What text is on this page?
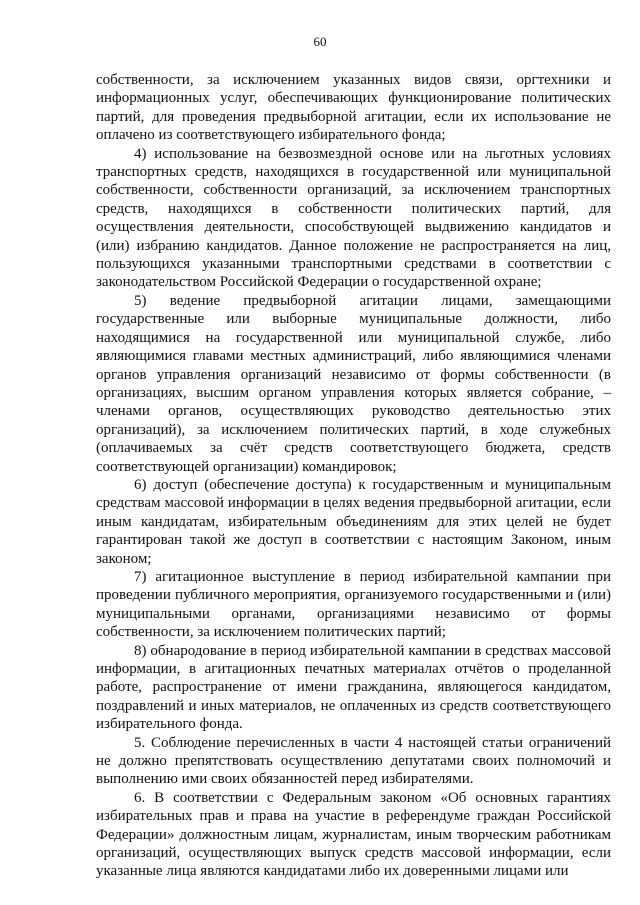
60

собственности, за исключением указанных видов связи, оргтехники и информационных услуг, обеспечивающих функционирование политических партий, для проведения предвыборной агитации, если их использование не оплачено из соответствующего избирательного фонда;

4) использование на безвозмездной основе или на льготных условиях транспортных средств, находящихся в государственной или муниципальной собственности, собственности организаций, за исключением транспортных средств, находящихся в собственности политических партий, для осуществления деятельности, способствующей выдвижению кандидатов и (или) избранию кандидатов. Данное положение не распространяется на лиц, пользующихся указанными транспортными средствами в соответствии с законодательством Российской Федерации о государственной охране;

5) ведение предвыборной агитации лицами, замещающими государственные или выборные муниципальные должности, либо находящимися на государственной или муниципальной службе, либо являющимися главами местных администраций, либо являющимися членами органов управления организаций независимо от формы собственности (в организациях, высшим органом управления которых является собрание, – членами органов, осуществляющих руководство деятельностью этих организаций), за исключением политических партий, в ходе служебных (оплачиваемых за счёт средств соответствующего бюджета, средств соответствующей организации) командировок;

6) доступ (обеспечение доступа) к государственным и муниципальным средствам массовой информации в целях ведения предвыборной агитации, если иным кандидатам, избирательным объединениям для этих целей не будет гарантирован такой же доступ в соответствии с настоящим Законом, иным законом;

7) агитационное выступление в период избирательной кампании при проведении публичного мероприятия, организуемого государственными и (или) муниципальными органами, организациями независимо от формы собственности, за исключением политических партий;

8) обнародование в период избирательной кампании в средствах массовой информации, в агитационных печатных материалах отчётов о проделанной работе, распространение от имени гражданина, являющегося кандидатом, поздравлений и иных материалов, не оплаченных из средств соответствующего избирательного фонда.

5. Соблюдение перечисленных в части 4 настоящей статьи ограничений не должно препятствовать осуществлению депутатами своих полномочий и выполнению ими своих обязанностей перед избирателями.

6. В соответствии с Федеральным законом «Об основных гарантиях избирательных прав и права на участие в референдуме граждан Российской Федерации» должностным лицам, журналистам, иным творческим работникам организаций, осуществляющих выпуск средств массовой информации, если указанные лица являются кандидатами либо их доверенными лицами или
